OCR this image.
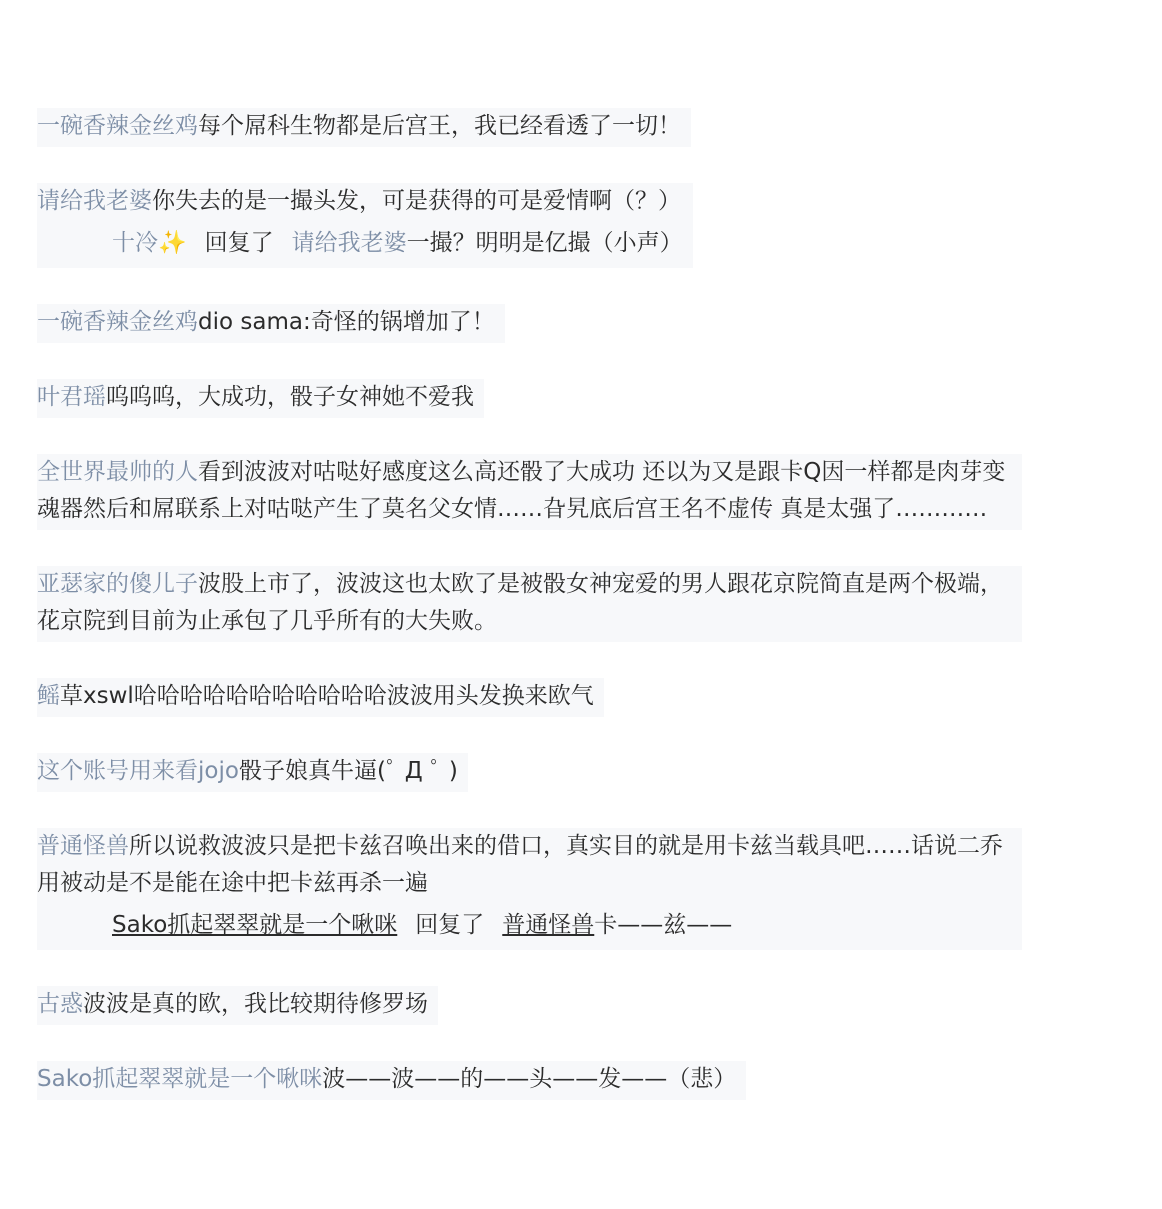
一碗香辣金丝鸡每个屌科生物都是后宫王，我已经看透了一切！
请给我老婆你失去的是一撮头发，可是获得的可是爱情啊（？）
十冷✨ 回复了 请给我老婆一撮？明明是亿撮（小声）
一碗香辣金丝鸡dio sama:奇怪的锅增加了！
叶君瑶呜呜呜，大成功，骰子女神她不爱我
全世界最帅的人看到波波对咕哒好感度这么高还骰了大成功 还以为又是跟卡Q因一样都是肉芽变魂器然后和屌联系上对咕哒产生了莫名父女情……旮旯底后宫王名不虚传 真是太强了…………
亚瑟家的傻儿子波股上市了，波波这也太欧了是被骰女神宠爱的男人跟花京院简直是两个极端，花京院到目前为止承包了几乎所有的大失败。
鳐草xswl哈哈哈哈哈哈哈哈哈哈哈波波用头发换来欧气
这个账号用来看jojo骰子娘真牛逼(ﾟ Д ﾟ )
普通怪兽所以说救波波只是把卡兹召唤出来的借口，真实目的就是用卡兹当载具吧……话说二乔用被动是不是能在途中把卡兹再杀一遍
Sako抓起翠翠就是一个啾咪 回复了 普通怪兽卡——兹——
古惑波波是真的欧，我比较期待修罗场
Sako抓起翠翠就是一个啾咪波——波——的——头——发——（悲）
